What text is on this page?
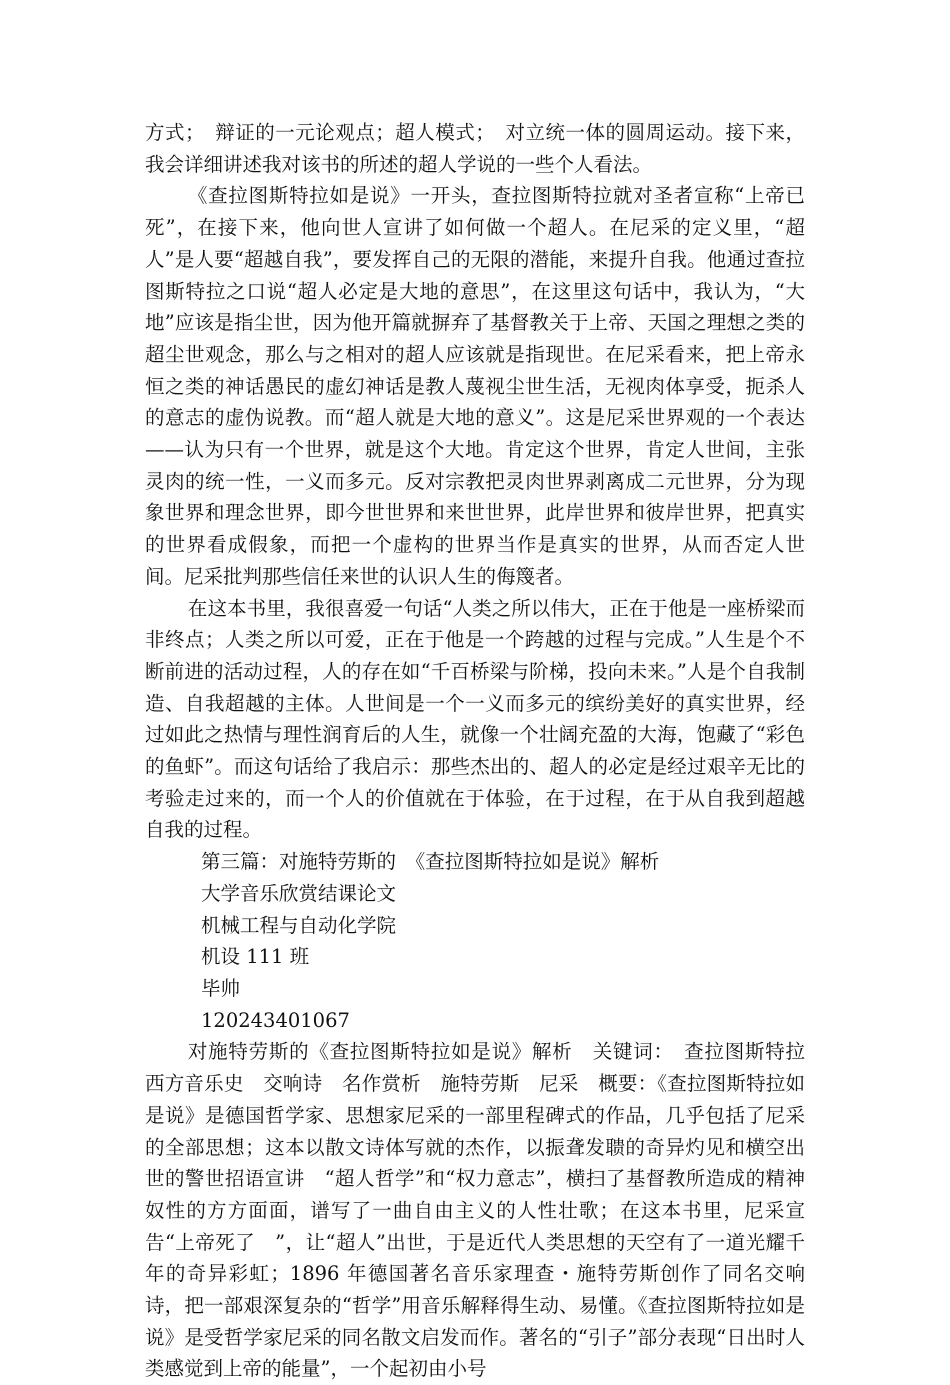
方式；　辩证的一元论观点；超人模式；　对立统一体的圆周运动。接下来，我会详细讲述我对该书的所述的超人学说的一些个人看法。

《查拉图斯特拉如是说》一开头，查拉图斯特拉就对圣者宣称“上帝已死”，在接下来，他向世人宣讲了如何做一个超人。在尼采的定义里，“超人”是人要“超越自我”，要发挥自己的无限的潜能，来提升自我。他通过查拉图斯特拉之口说“超人必定是大地的意思”，在这里这句话中，我认为，“大地”应该是指尘世，因为他开篇就摒弃了基督教关于上帝、天国之理想之类的超尘世观念，那么与之相对的超人应该就是指现世。在尼采看来，把上帝永恒之类的神话愚民的虚幻神话是教人蔑视尘世生活，无视肉体享受，扼杀人的意志的虚伪说教。而“超人就是大地的意义”。这是尼采世界观的一个表达——认为只有一个世界，就是这个大地。肯定这个世界，肯定人世间，主张灵肉的统一性，一义而多元。反对宗教把灵肉世界剥离成二元世界，分为现象世界和理念世界，即今世世界和来世世界，此岸世界和彼岸世界，把真实的世界看成假象，而把一个虚构的世界当作是真实的世界，从而否定人世间。尼采批判那些信任来世的认识人生的侮篾者。

在这本书里，我很喜爱一句话“人类之所以伟大，正在于他是一座桥梁而非终点；人类之所以可爱，正在于他是一个跨越的过程与完成。”人生是个不断前进的活动过程，人的存在如“千百桥梁与阶梯，投向未来。”人是个自我制造、自我超越的主体。人世间是一个一义而多元的缤纷美好的真实世界，经过如此之热情与理性润育后的人生，就像一个壮阔充盈的大海，饱藏了“彩色的鱼虾”。而这句话给了我启示：那些杰出的、超人的必定是经过艰辛无比的考验走过来的，而一个人的价值就在于体验，在于过程，在于从自我到超越自我的过程。

第三篇：对施特劳斯的　《查拉图斯特拉如是说》解析
大学音乐欣赏结课论文
机械工程与自动化学院
机设 111 班
毕帅
120243401067

对施特劳斯的《查拉图斯特拉如是说》解析　关键词：　查拉图斯特拉　西方音乐史　交响诗　名作赏析　施特劳斯　尼采　概要：《查拉图斯特拉如是说》是德国哲学家、思想家尼采的一部里程碑式的作品，几乎包括了尼采的全部思想；这本以散文诗体写就的杰作，以振聋发聩的奇异灼见和横空出世的警世招语宣讲　“超人哲学”和“权力意志”，横扫了基督教所造成的精神奴性的方方面面，谱写了一曲自由主义的人性壮歌；在这本书里，尼采宣告“上帝死了　”，让“超人”出世，于是近代人类思想的天空有了一道光耀千年的奇异彩虹；1896 年德国著名音乐家理查・施特劳斯创作了同名交响诗，把一部艰深复杂的“哲学”用音乐解释得生动、易懂。《查拉图斯特拉如是说》是受哲学家尼采的同名散文启发而作。著名的“引子”部分表现“日出时人类感觉到上帝的能量”，一个起初由小号
